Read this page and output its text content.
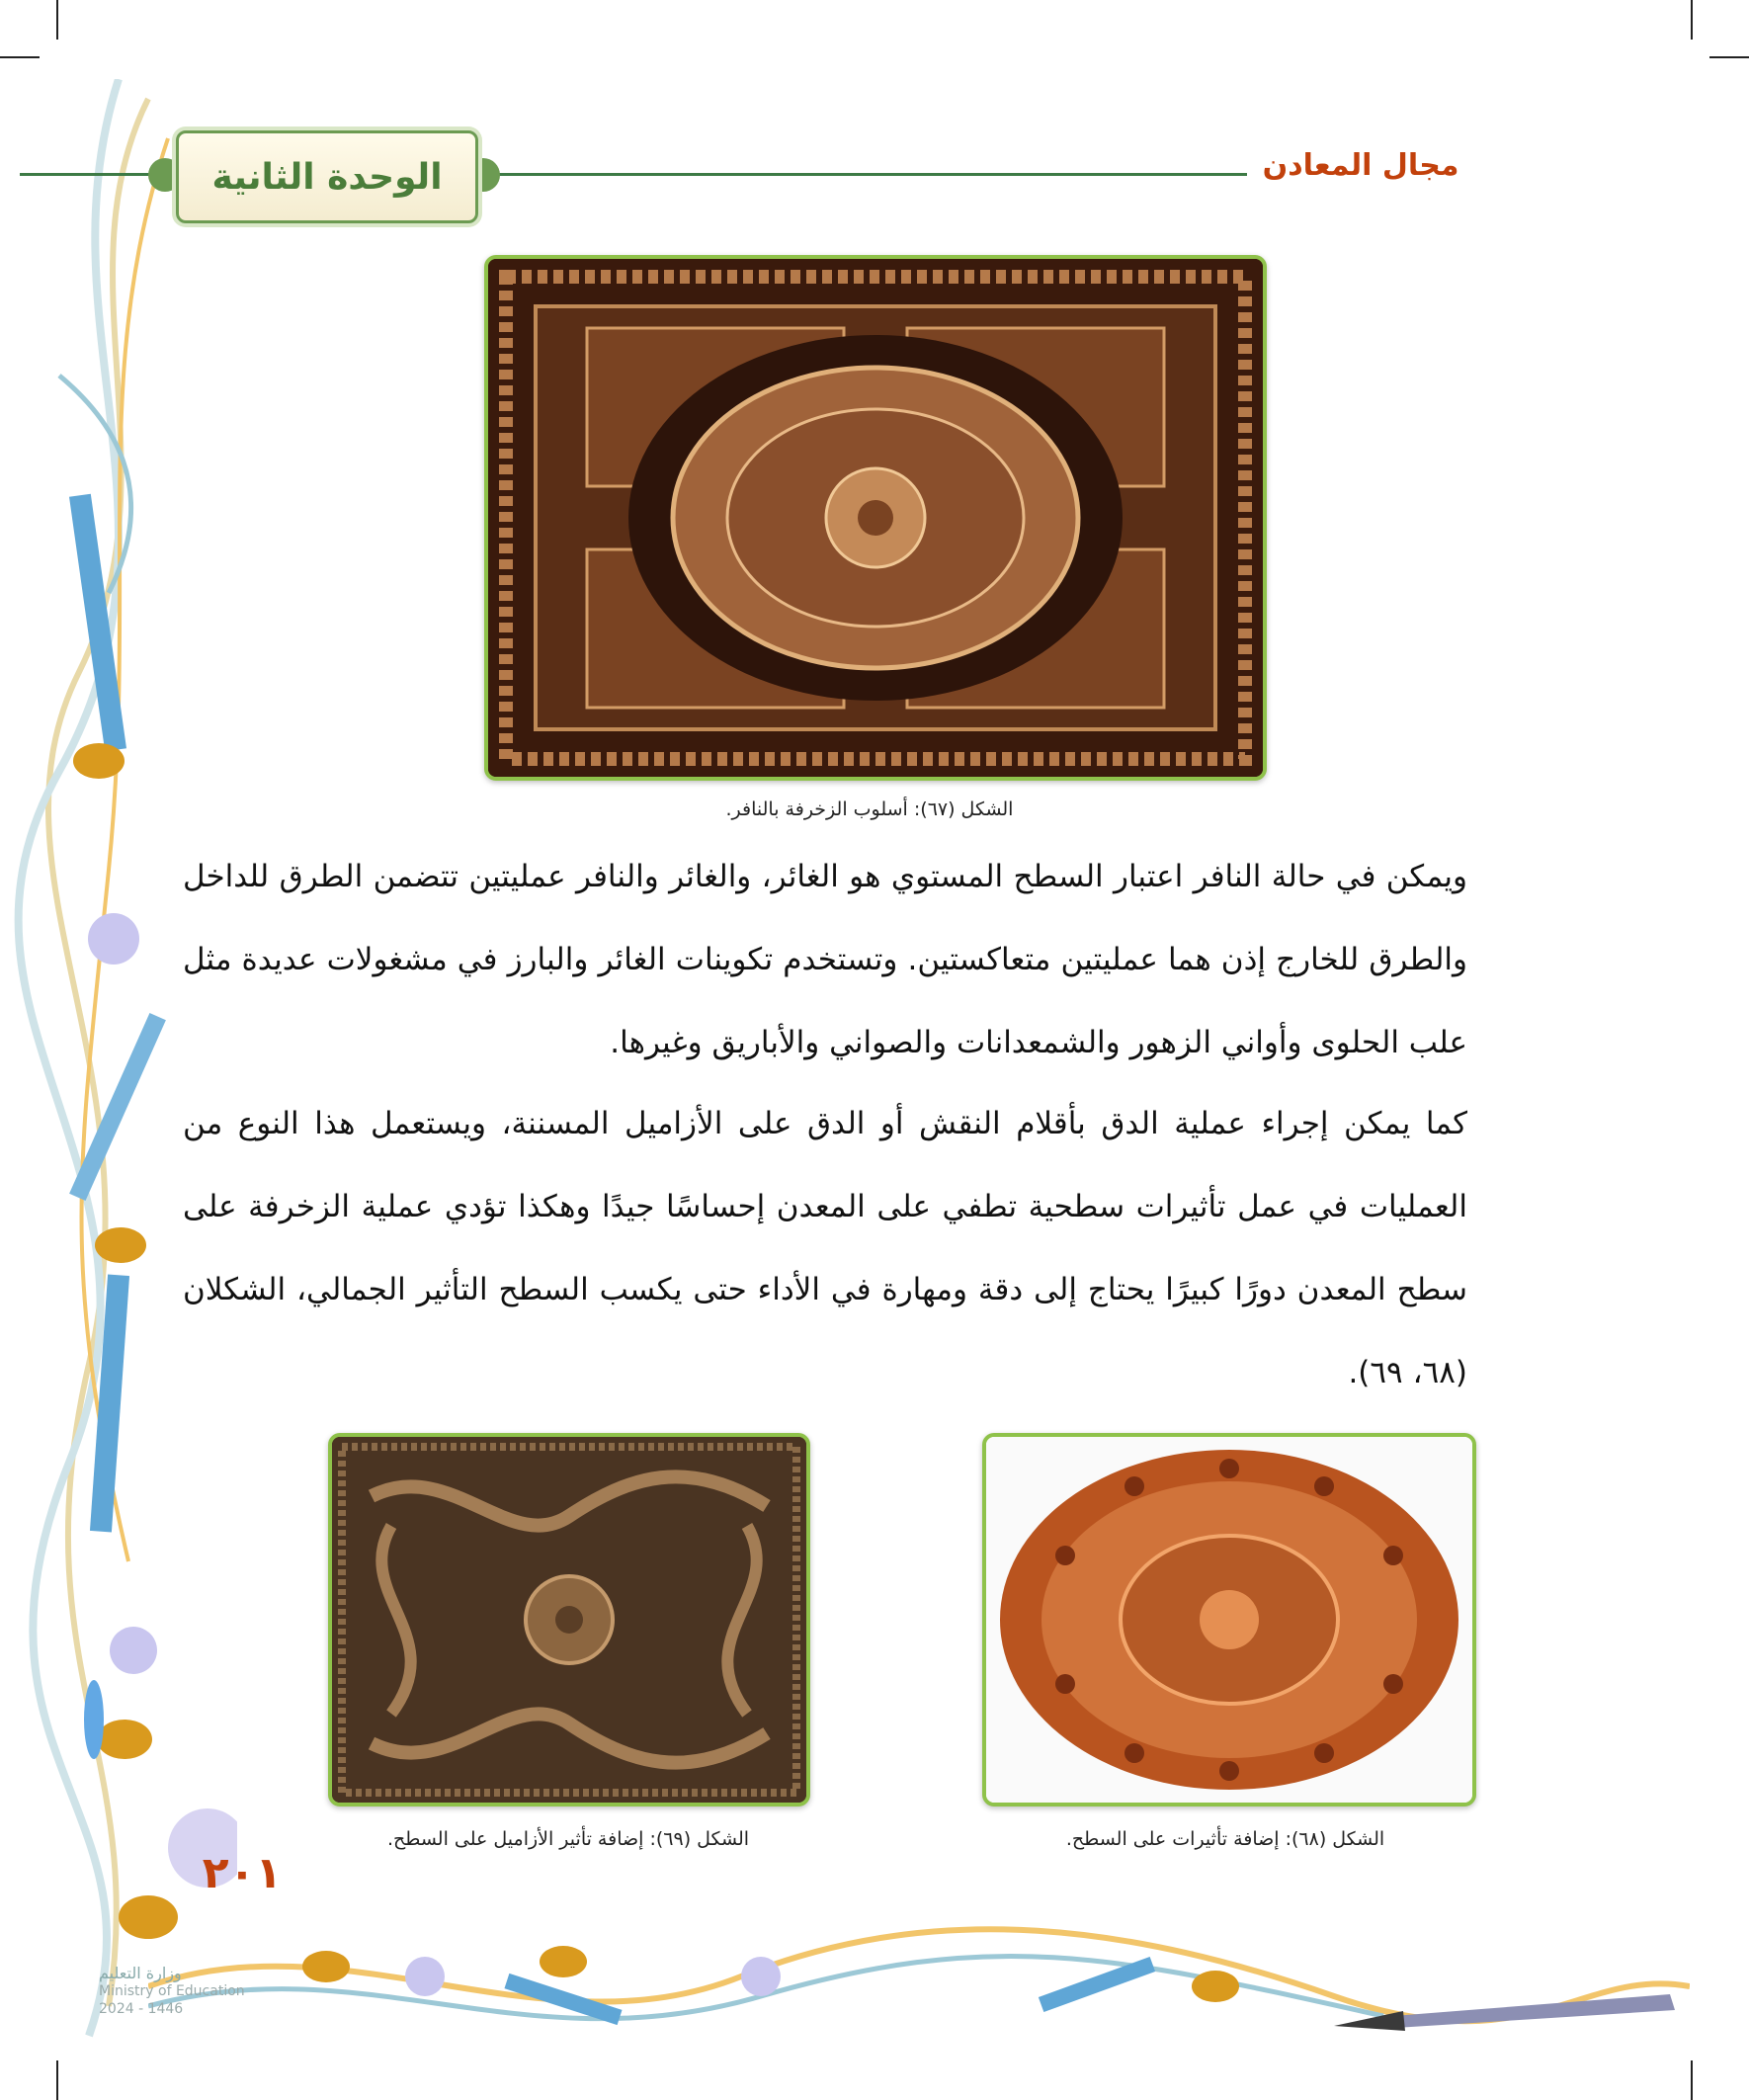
الوحدة الثانية	مجال المعادن
الشكل (٦٧): أسلوب الزخرفة بالنافر.

ويمكن في حالة النافر اعتبار السطح المستوي هو الغائر، والغائر والنافر عمليتين تتضمن الطرق للداخل والطرق للخارج إذن هما عمليتين متعاكستين. وتستخدم تكوينات الغائر والبارز في مشغولات عديدة مثل علب الحلوى وأواني الزهور والشمعدانات والصواني والأباريق وغيرها.

كما يمكن إجراء عملية الدق بأقلام النقش أو الدق على الأزاميل المسننة، ويستعمل هذا النوع من العمليات في عمل تأثيرات سطحية تطفي على المعدن إحساسًا جيدًا وهكذا تؤدي عملية الزخرفة على سطح المعدن دورًا كبيرًا يحتاج إلى دقة ومهارة في الأداء حتى يكسب السطح التأثير الجمالي، الشكلان (٦٨، ٦٩).

الشكل (٦٨): إضافة تأثيرات على السطح.
الشكل (٦٩): إضافة تأثير الأزاميل على السطح.
٢٠١
وزارة التعليم
Ministry of Education
2024 - 1446
